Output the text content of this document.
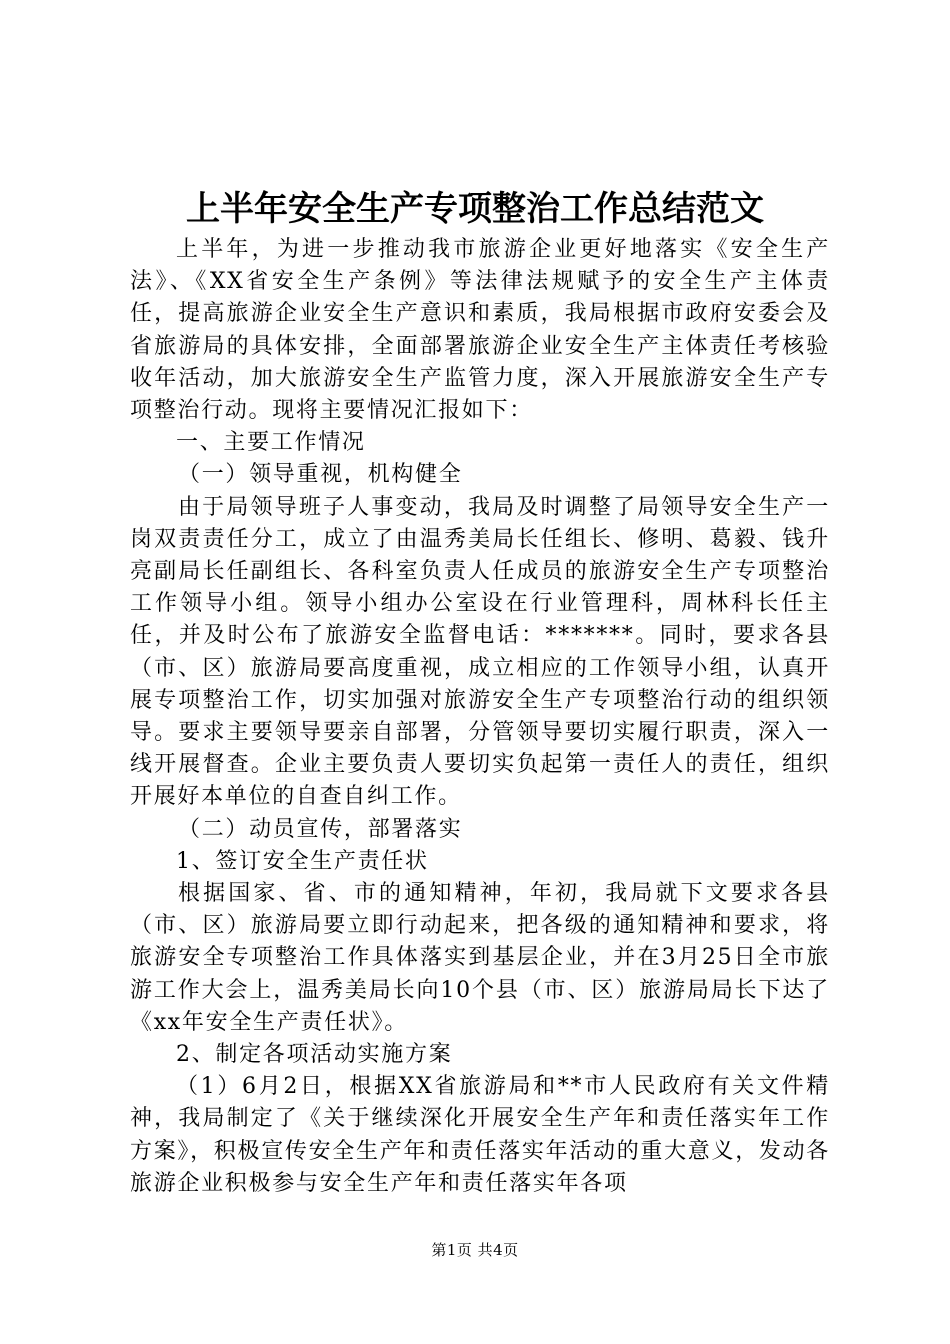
上半年安全生产专项整治工作总结范文

上半年，为进一步推动我市旅游企业更好地落实《安全生产法》、《XX省安全生产条例》等法律法规赋予的安全生产主体责任，提高旅游企业安全生产意识和素质，我局根据市政府安委会及省旅游局的具体安排，全面部署旅游企业安全生产主体责任考核验收年活动，加大旅游安全生产监管力度，深入开展旅游安全生产专项整治行动。现将主要情况汇报如下：

一、主要工作情况

（一）领导重视，机构健全

由于局领导班子人事变动，我局及时调整了局领导安全生产一岗双责责任分工，成立了由温秀美局长任组长、修明、葛毅、钱升亮副局长任副组长、各科室负责人任成员的旅游安全生产专项整治工作领导小组。领导小组办公室设在行业管理科，周林科长任主任，并及时公布了旅游安全监督电话：*******。同时，要求各县（市、区）旅游局要高度重视，成立相应的工作领导小组，认真开展专项整治工作，切实加强对旅游安全生产专项整治行动的组织领导。要求主要领导要亲自部署，分管领导要切实履行职责，深入一线开展督查。企业主要负责人要切实负起第一责任人的责任，组织开展好本单位的自查自纠工作。

（二）动员宣传，部署落实

1、签订安全生产责任状

根据国家、省、市的通知精神，年初，我局就下文要求各县（市、区）旅游局要立即行动起来，把各级的通知精神和要求，将旅游安全专项整治工作具体落实到基层企业，并在3月25日全市旅游工作大会上，温秀美局长向10个县（市、区）旅游局局长下达了《xx年安全生产责任状》。

2、制定各项活动实施方案

（1）6月2日，根据XX省旅游局和**市人民政府有关文件精神，我局制定了《关于继续深化开展安全生产年和责任落实年工作方案》，积极宣传安全生产年和责任落实年活动的重大意义，发动各旅游企业积极参与安全生产年和责任落实年各项

第1页 共4页
